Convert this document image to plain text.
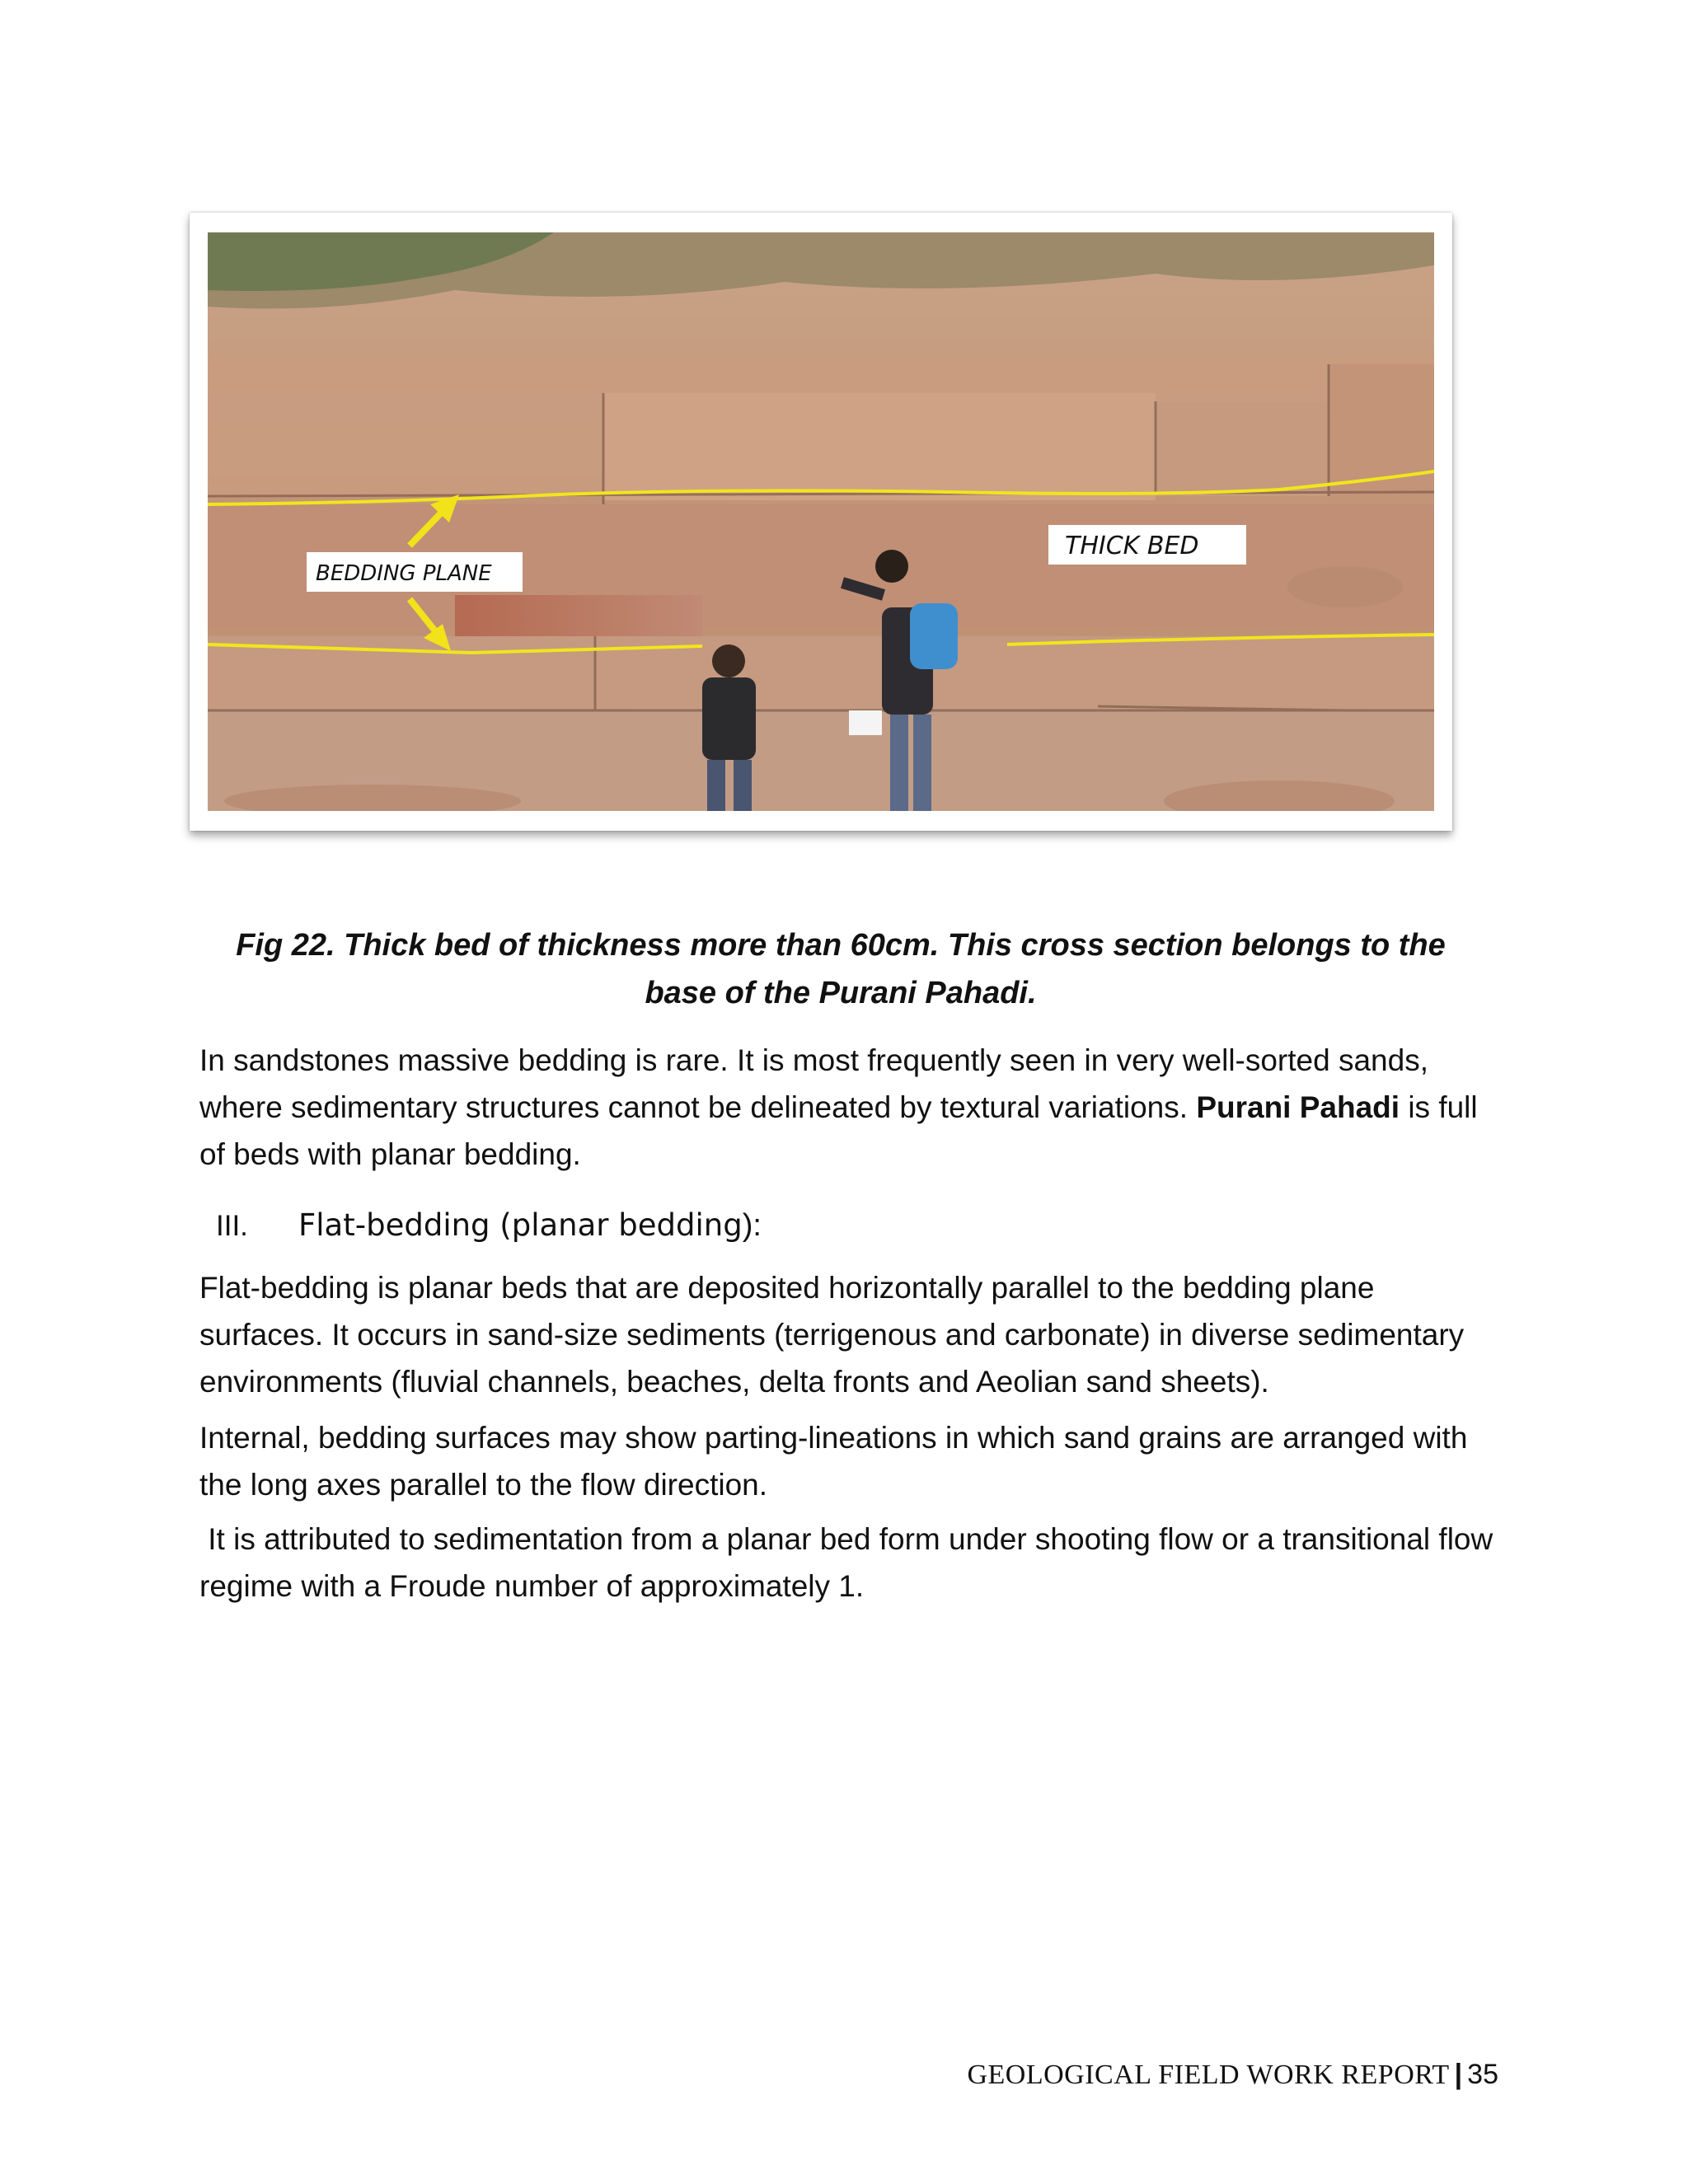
BEDDING PLANE
THICK BED
Fig 22. Thick bed of thickness more than 60cm. This cross section belongs to the base of the Purani Pahadi.

In sandstones massive bedding is rare. It is most frequently seen in very well-sorted sands, where sedimentary structures cannot be delineated by textural variations. Purani Pahadi is full of beds with planar bedding.

III. Flat-bedding (planar bedding):

Flat-bedding is planar beds that are deposited horizontally parallel to the bedding plane surfaces. It occurs in sand-size sediments (terrigenous and carbonate) in diverse sedimentary environments (fluvial channels, beaches, delta fronts and Aeolian sand sheets).

Internal, bedding surfaces may show parting-lineations in which sand grains are arranged with the long axes parallel to the flow direction.

It is attributed to sedimentation from a planar bed form under shooting flow or a transitional flow regime with a Froude number of approximately 1.

GEOLOGICAL FIELD WORK REPORT | 35
